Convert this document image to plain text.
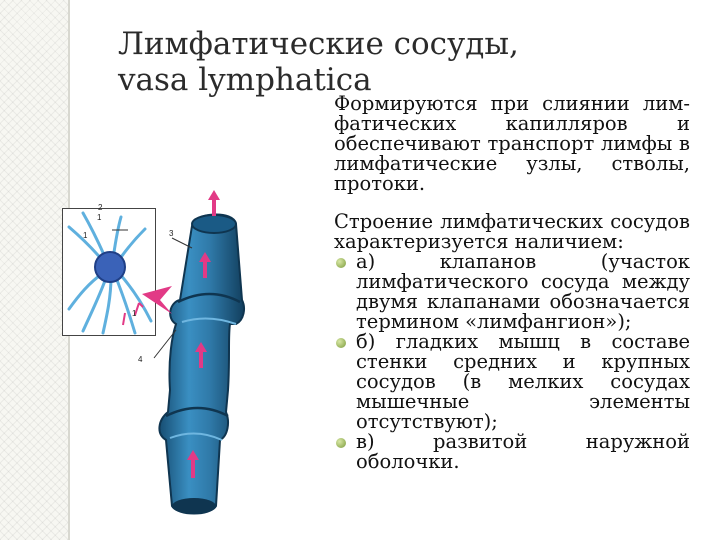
Лимфатические сосуды, vasa lymphatica
Формируются при слиянии лим-фатических капилляров и обеспечивают транспорт лимфы в лимфатические узлы, стволы, протоки.
Строение лимфатических сосудов характеризуется наличием:
а) клапанов (участок лимфатического сосуда между двумя клапанами обозначается термином «лимфангион»);
б) гладких мышц в составе стенки средних и крупных сосудов (в мелких сосудах мышечные элементы отсутствуют);
в) развитой наружной оболочки.
1
2
1	3
1
4
